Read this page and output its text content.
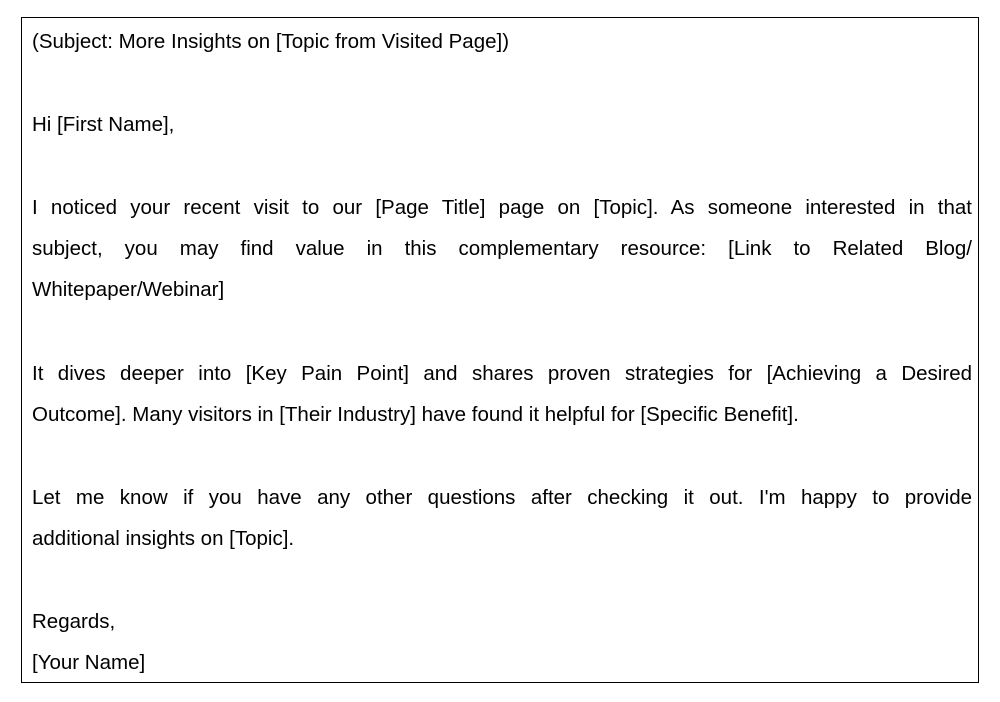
(Subject: More Insights on [Topic from Visited Page])
Hi [First Name],
I noticed your recent visit to our [Page Title] page on [Topic]. As someone interested in that
subject, you may find value in this complementary resource: [Link to Related Blog/
Whitepaper/Webinar]
It dives deeper into [Key Pain Point] and shares proven strategies for [Achieving a Desired
Outcome]. Many visitors in [Their Industry] have found it helpful for [Specific Benefit].
Let me know if you have any other questions after checking it out. I'm happy to provide
additional insights on [Topic].
Regards,
[Your Name]
